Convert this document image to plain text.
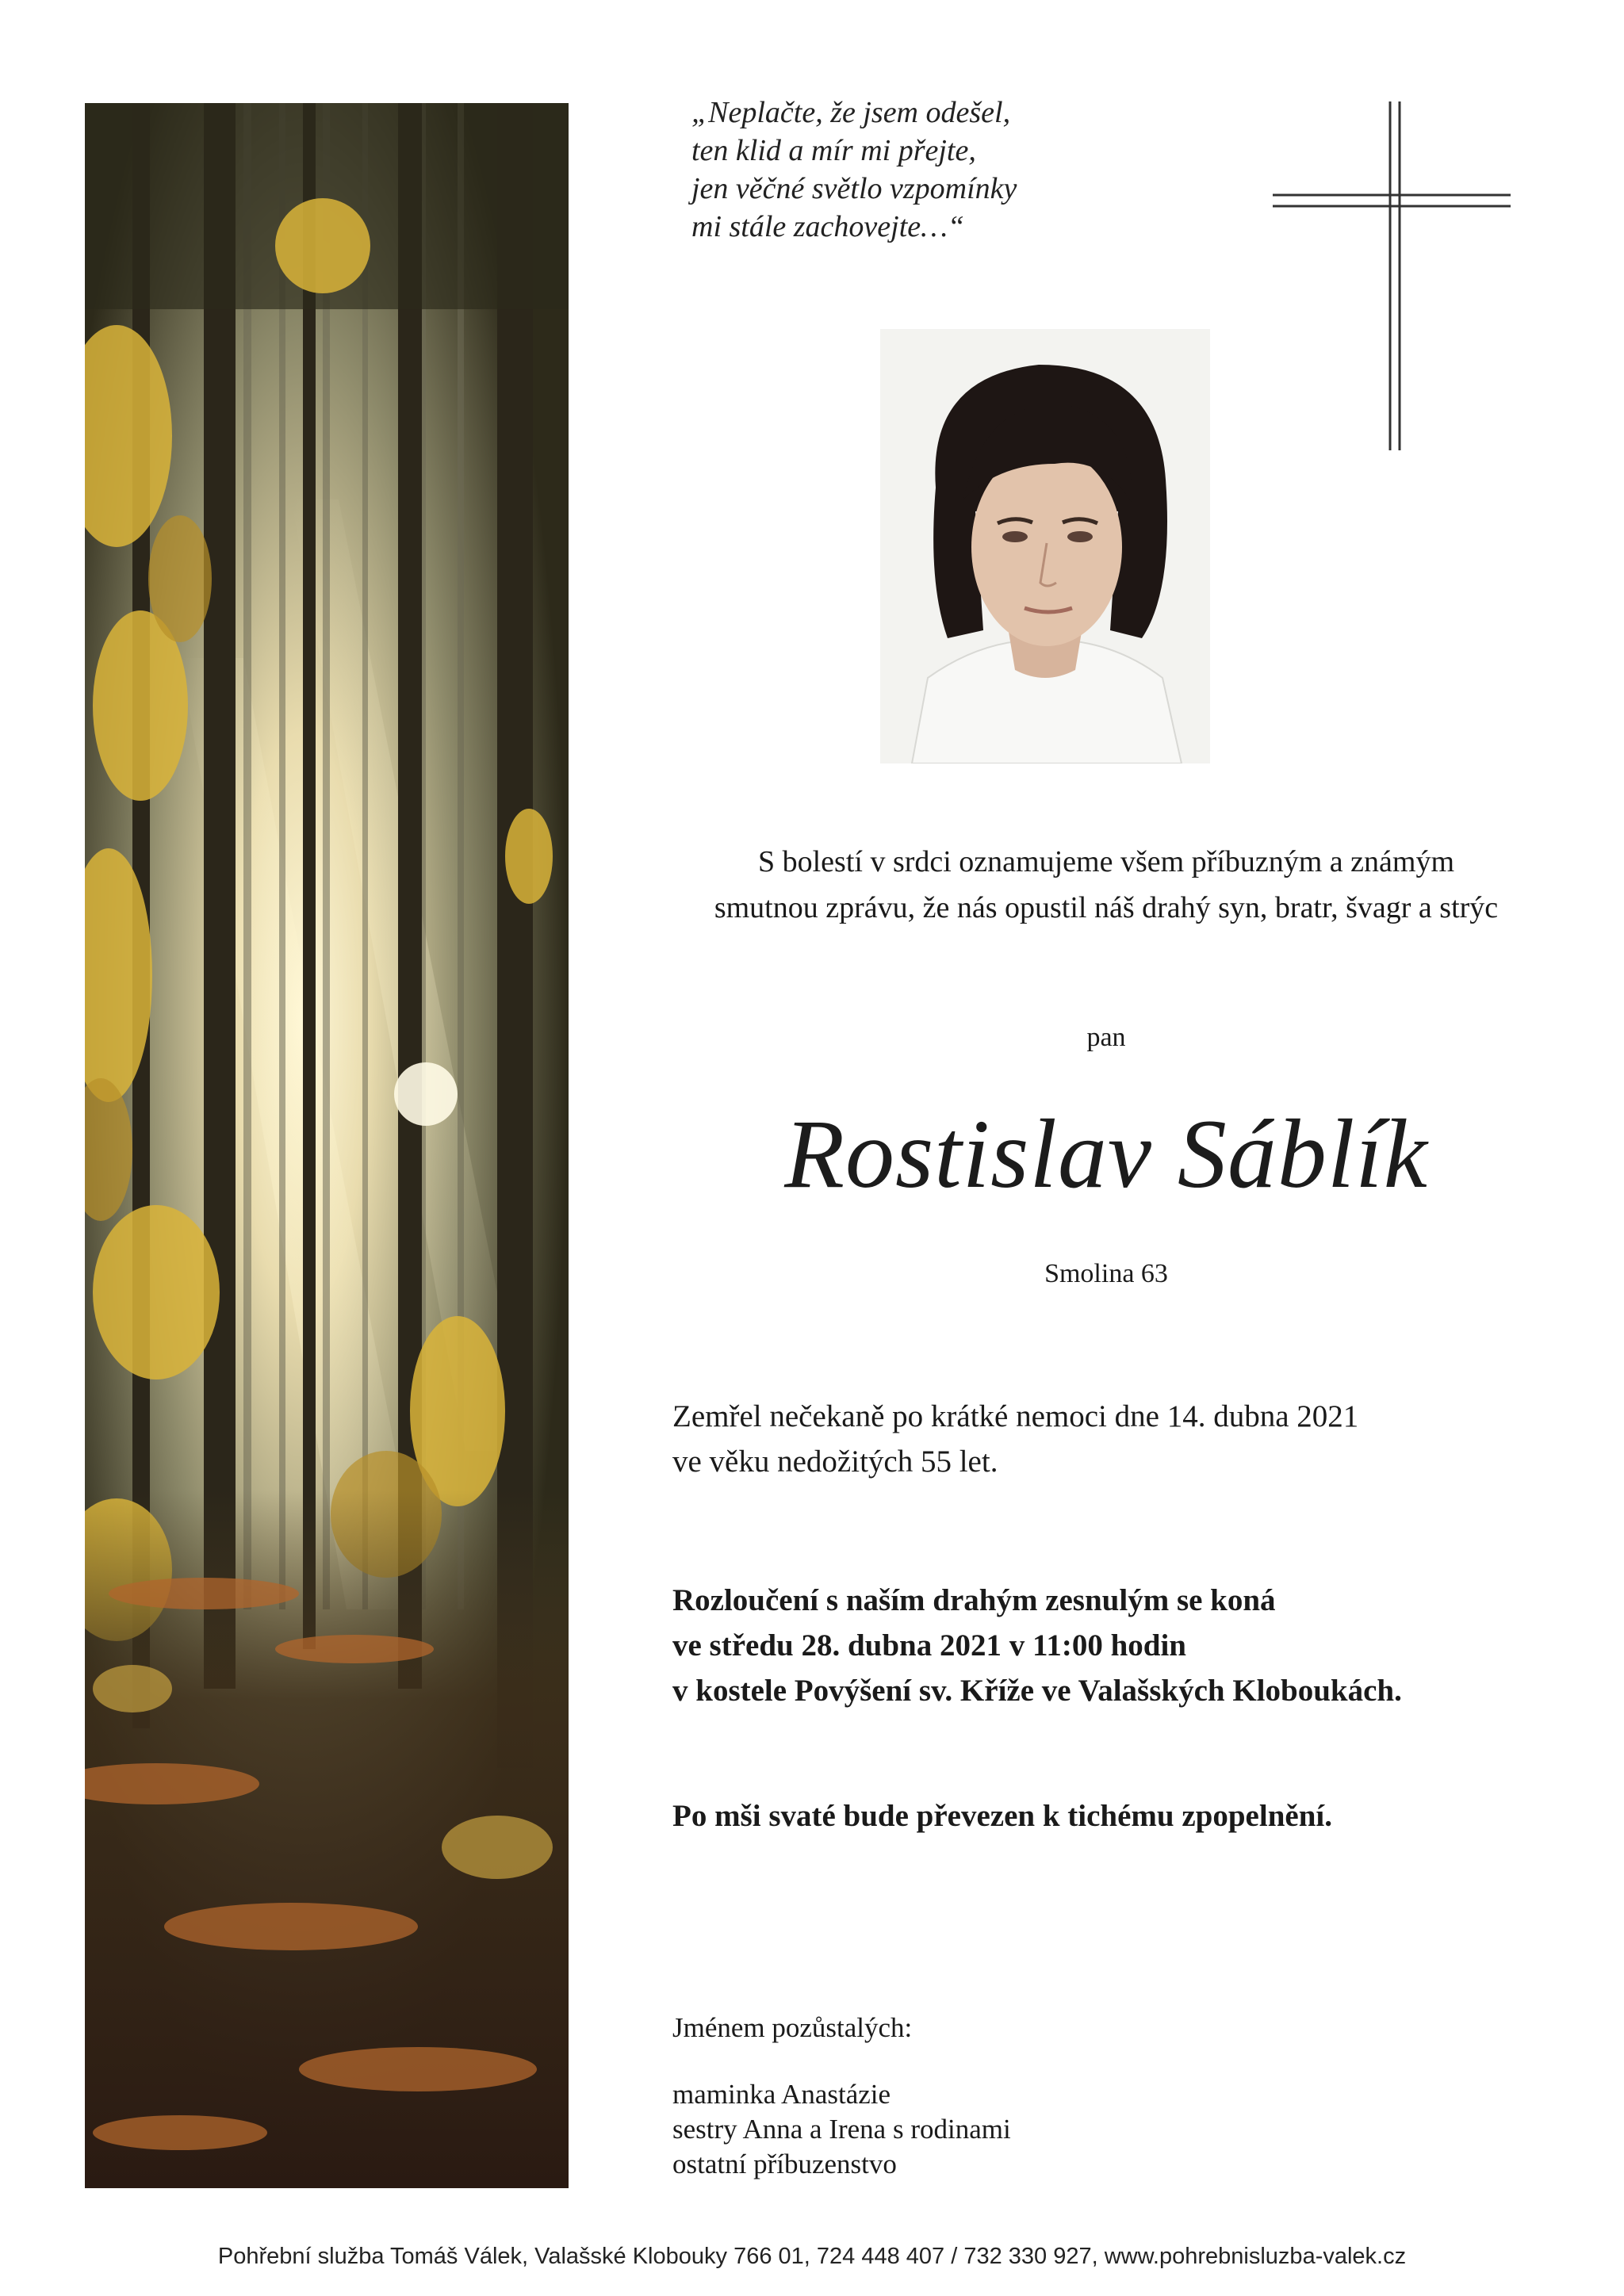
„Neplačte, že jsem odešel,
ten klid a mír mi přejte,
jen věčné světlo vzpomínky
mi stále zachovejte…“
S bolestí v srdci oznamujeme všem příbuzným a známým
smutnou zprávu, že nás opustil náš drahý syn, bratr, švagr a strýc
pan
Rostislav Sáblík
Smolina 63
Zemřel nečekaně po krátké nemoci dne 14. dubna 2021
ve věku nedožitých 55 let.
Rozloučení s naším drahým zesnulým se koná
ve středu 28. dubna 2021 v 11:00 hodin
v kostele Povýšení sv. Kříže ve Valašských Kloboukách.
Po mši svaté bude převezen k tichému zpopelnění.
Jménem pozůstalých:
maminka Anastázie
sestry Anna a Irena s rodinami
ostatní příbuzenstvo
Pohřební služba Tomáš Válek, Valašské Klobouky 766 01, 724 448 407 / 732 330 927, www.pohrebnisluzba-valek.cz
